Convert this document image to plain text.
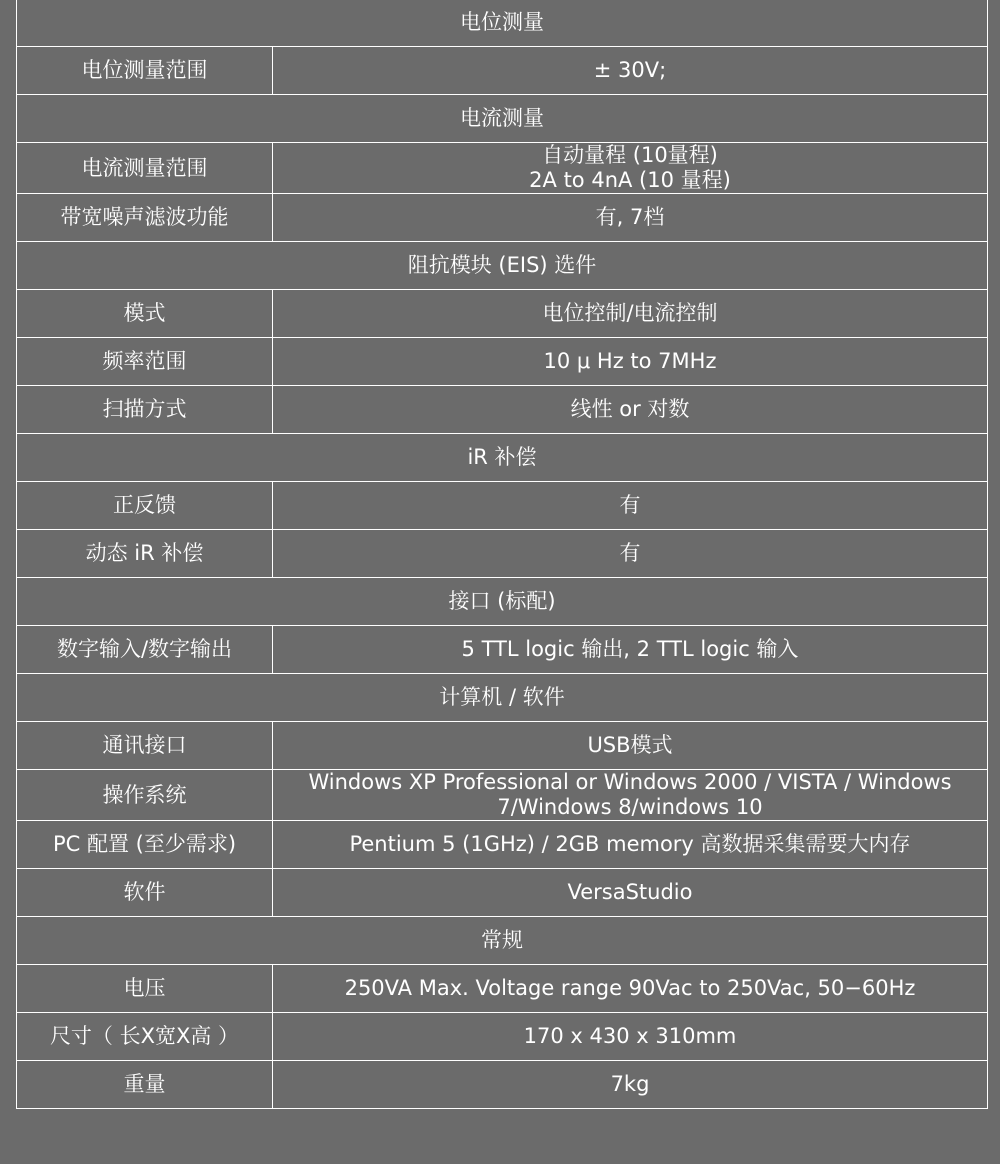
电位测量	
电位测量范围	± 30V;

电流测量	
电流测量范围	自动量程 (10量程)
2A to 4nA (10 量程)

带宽噪声滤波功能	有, 7档

阻抗模块 (EIS) 选件	
模式	电位控制/电流控制

频率范围	10 μ Hz to 7MHz

扫描方式	线性 or 对数

iR 补偿	
正反馈	有

动态 iR 补偿	有

接口 (标配)	
数字输入/数字输出	5 TTL logic 输出, 2 TTL logic 输入

计算机 / 软件	
通讯接口	USB模式

操作系统	Windows XP Professional or Windows 2000 / VISTA / Windows
7/Windows 8/windows 10

PC 配置 (至少需求)	Pentium 5 (1GHz) / 2GB memory 高数据采集需要大内存

软件	VersaStudio

常规	
电压	250VA Max. Voltage range 90Vac to 250Vac, 50−60Hz

尺寸（ 长X宽X高 ）	170 x 430 x 310mm

重量	7kg
